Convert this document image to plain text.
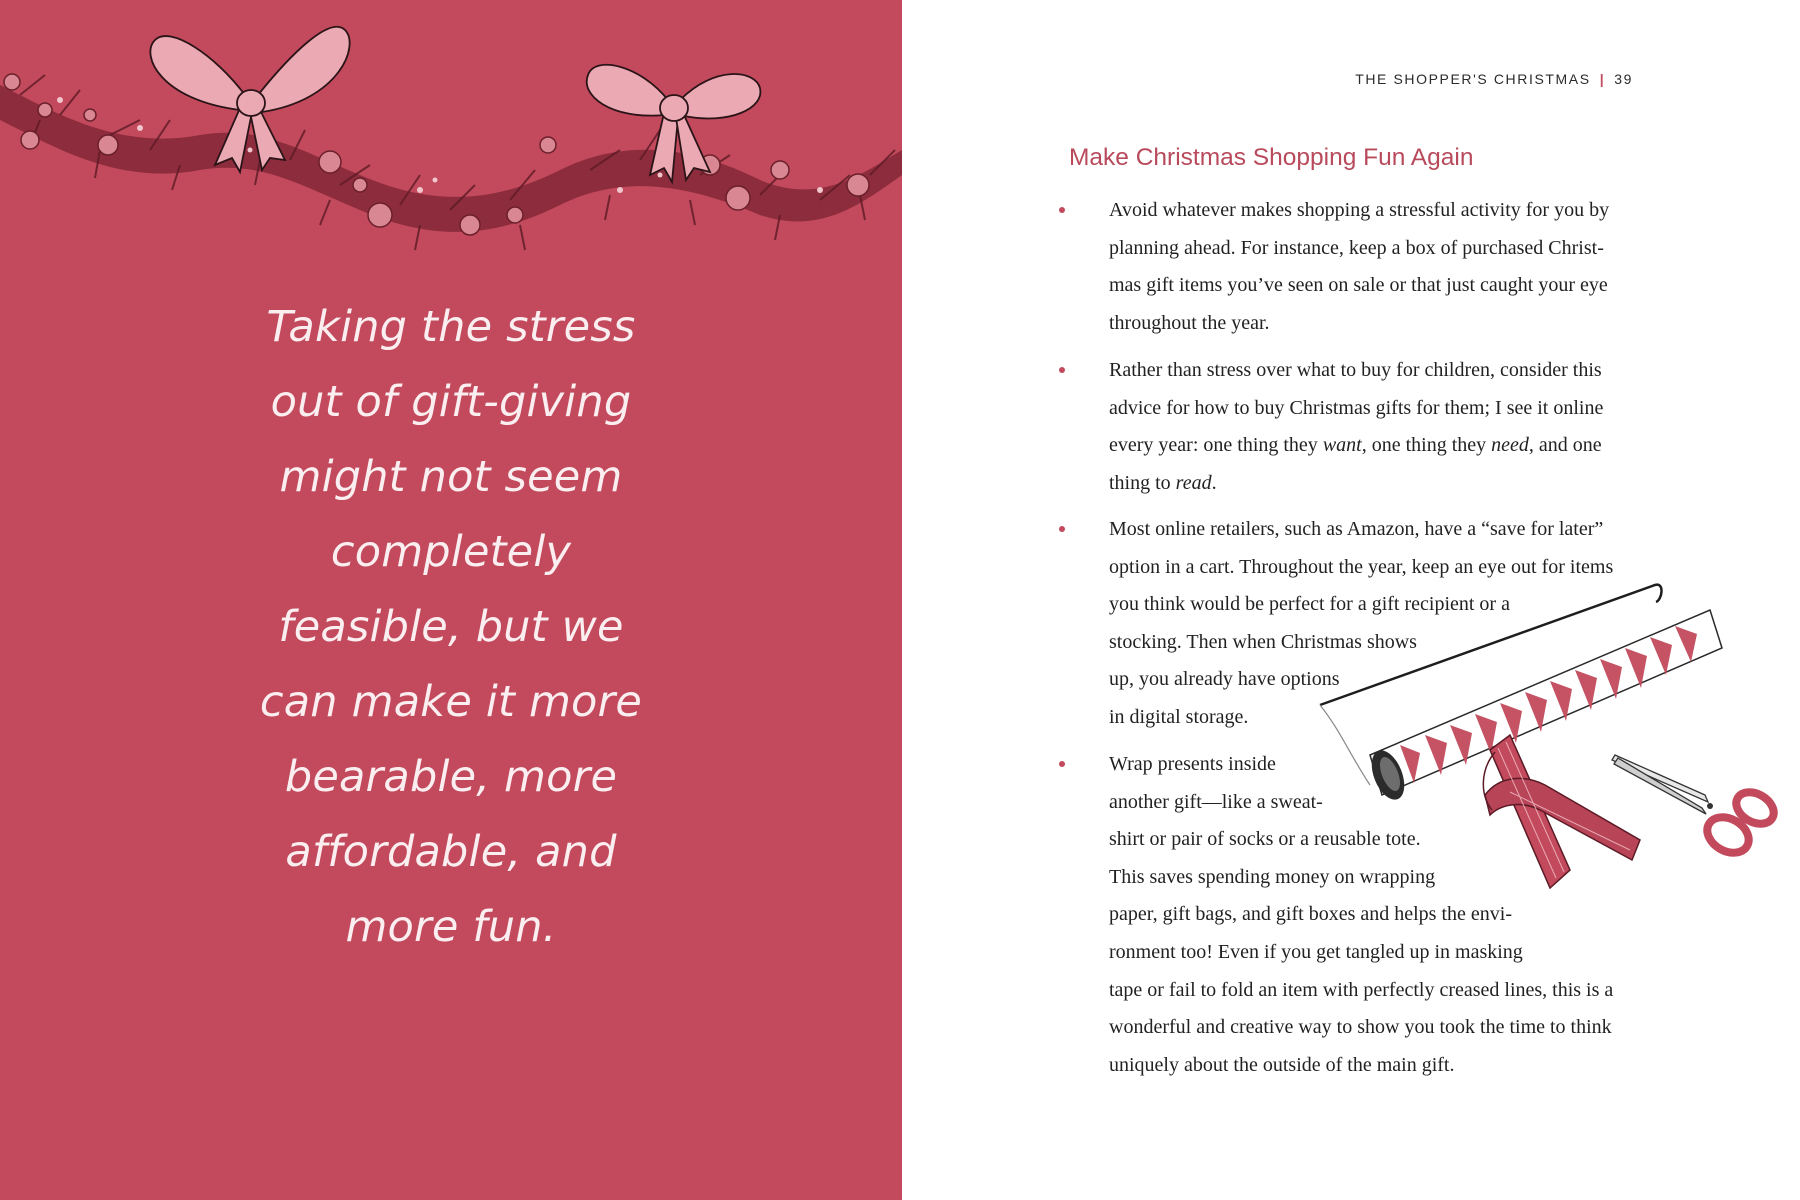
Taking the stress
out of gift-giving
might not seem
completely
feasible, but we
can make it more
bearable, more
affordable, and
more fun.

THE SHOPPER'S CHRISTMAS | 39
Make Christmas Shopping Fun Again
Avoid whatever makes shopping a stressful activity for you by
planning ahead. For instance, keep a box of purchased Christ-
mas gift items you’ve seen on sale or that just caught your eye
throughout the year.
Rather than stress over what to buy for children, consider this
advice for how to buy Christmas gifts for them; I see it online
every year: one thing they want, one thing they need, and one
thing to read.
Most online retailers, such as Amazon, have a “save for later”
option in a cart. Throughout the year, keep an eye out for items
you think would be perfect for a gift recipient or a
stocking. Then when Christmas shows
up, you already have options
in digital storage.
Wrap presents inside
another gift—like a sweat-
shirt or pair of socks or a reusable tote.
This saves spending money on wrapping
paper, gift bags, and gift boxes and helps the envi-
ronment too! Even if you get tangled up in masking
tape or fail to fold an item with perfectly creased lines, this is a
wonderful and creative way to show you took the time to think
uniquely about the outside of the main gift.
